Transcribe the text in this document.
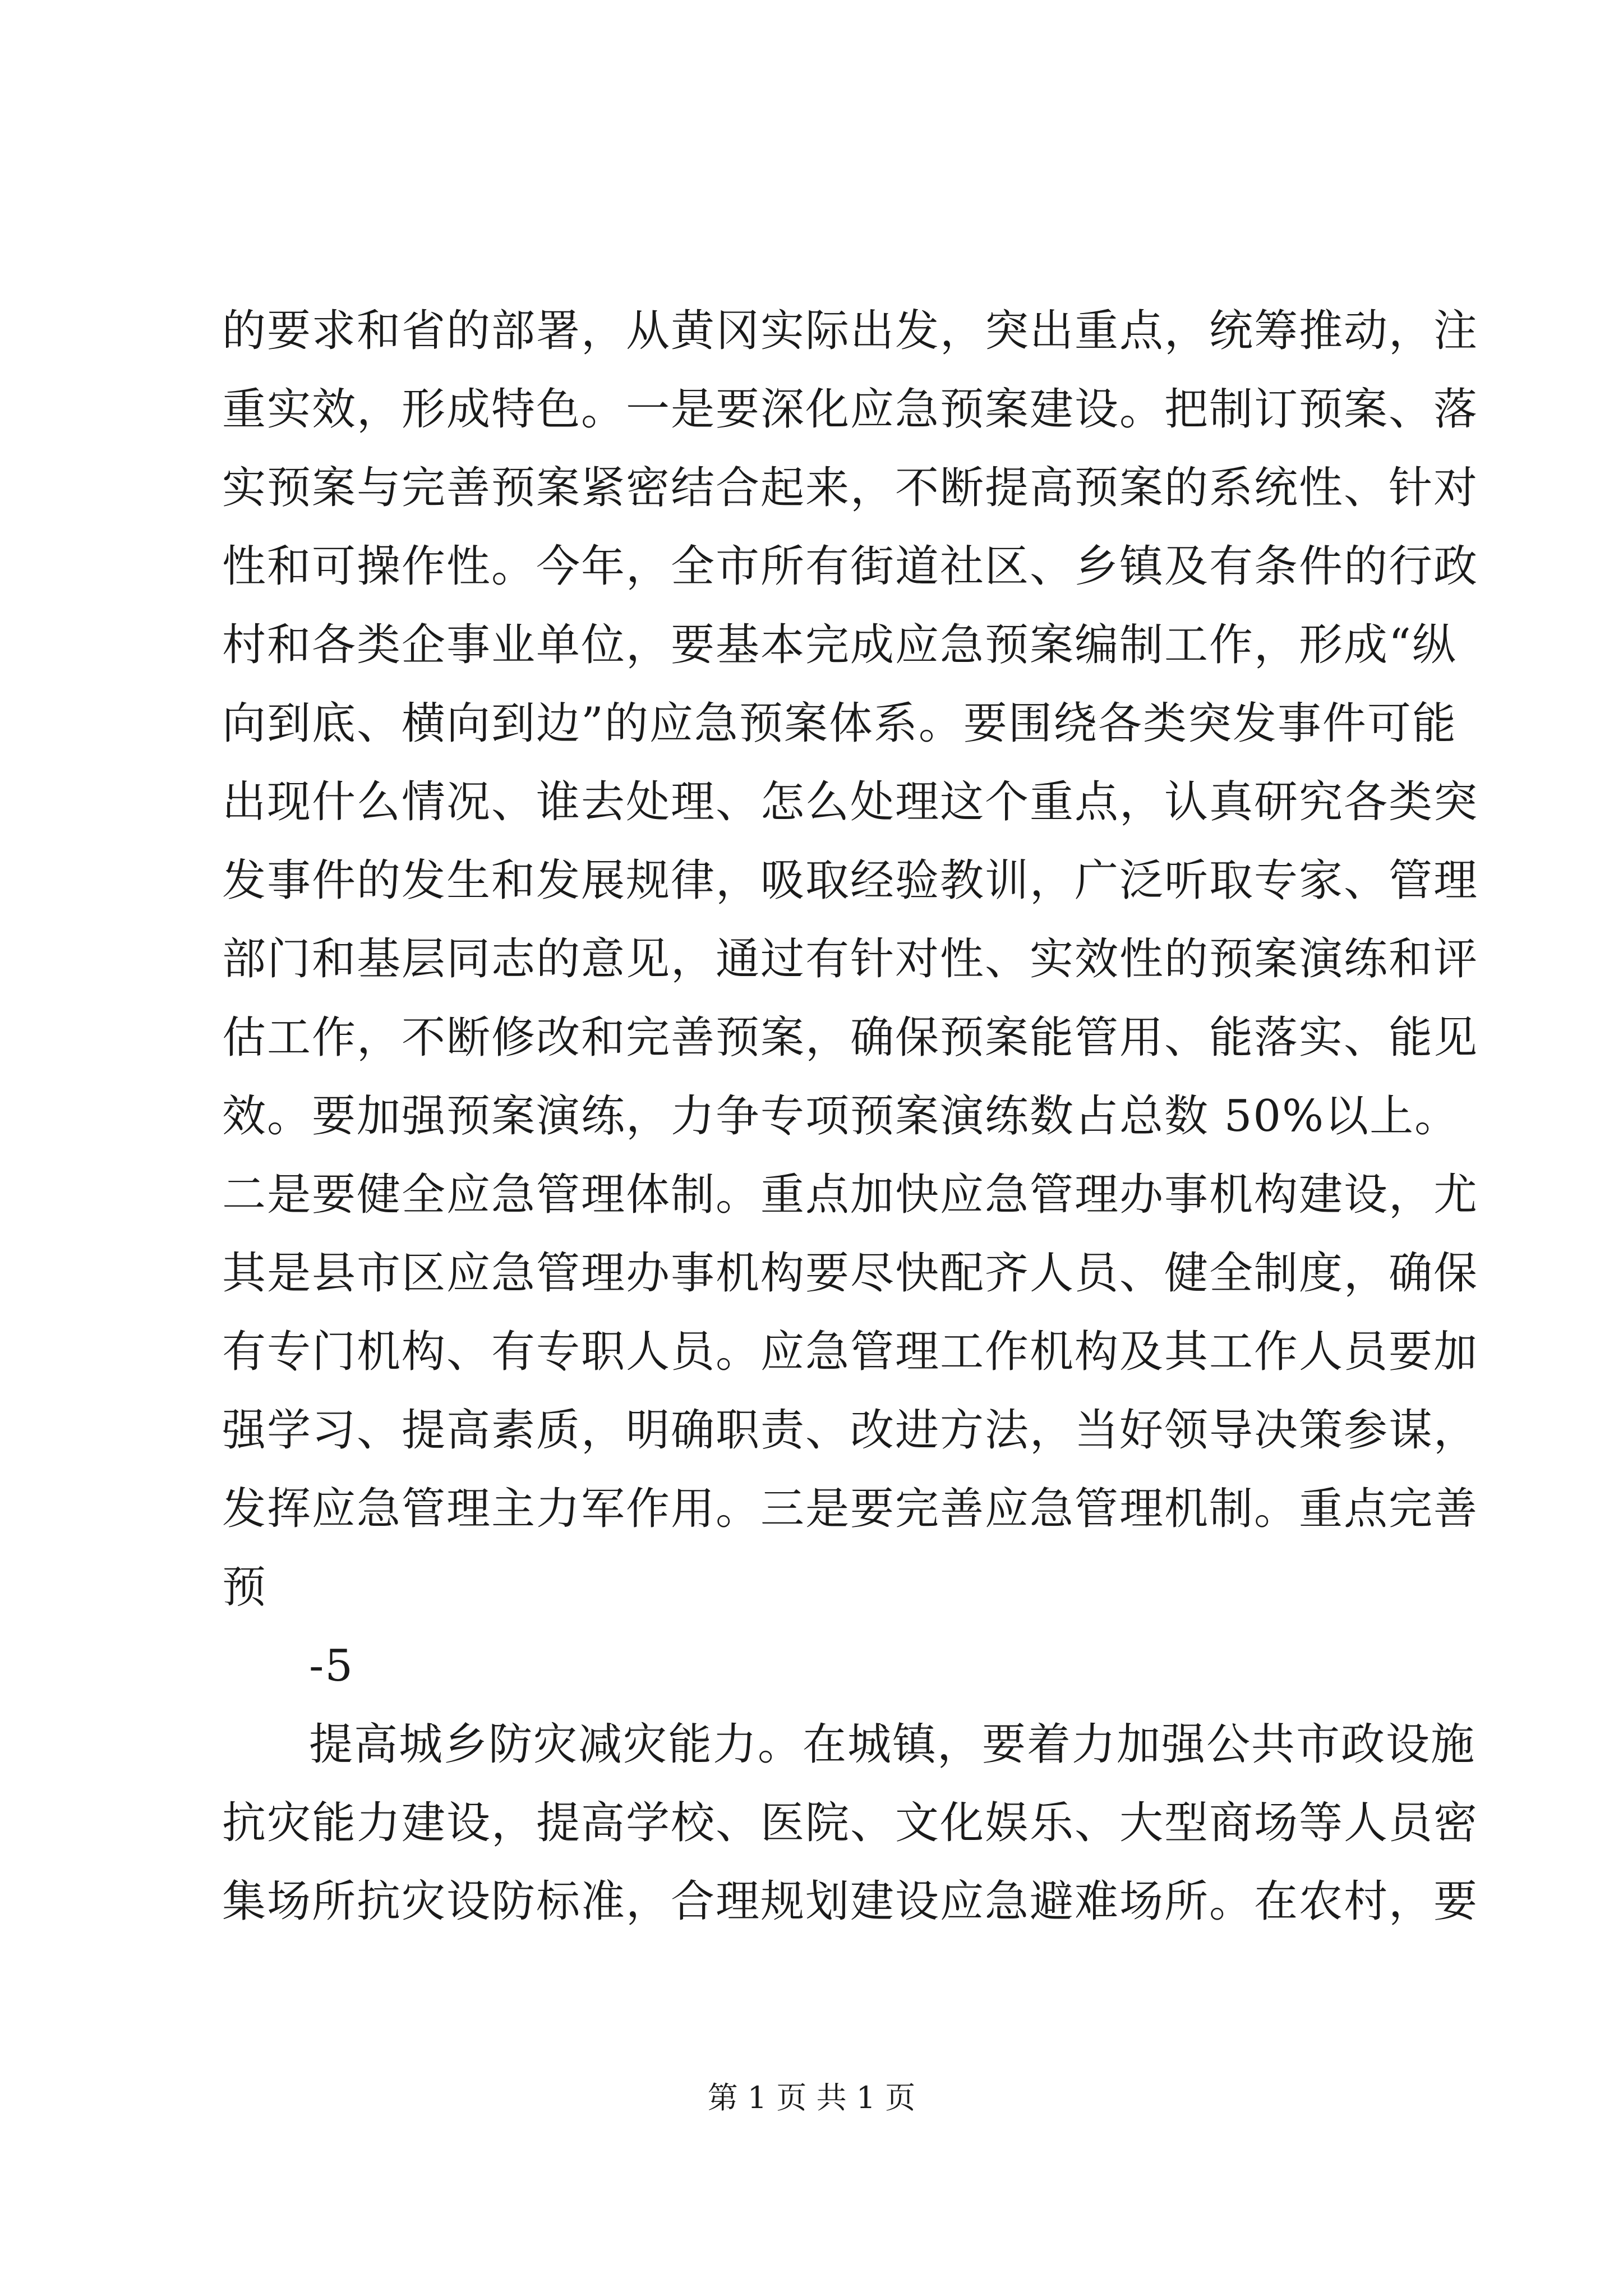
的要求和省的部署，从黄冈实际出发，突出重点，统筹推动，注
重实效，形成特色。一是要深化应急预案建设。把制订预案、落
实预案与完善预案紧密结合起来，不断提高预案的系统性、针对
性和可操作性。今年，全市所有街道社区、乡镇及有条件的行政
村和各类企事业单位，要基本完成应急预案编制工作，形成“纵
向到底、横向到边”的应急预案体系。要围绕各类突发事件可能
出现什么情况、谁去处理、怎么处理这个重点，认真研究各类突
发事件的发生和发展规律，吸取经验教训，广泛听取专家、管理
部门和基层同志的意见，通过有针对性、实效性的预案演练和评
估工作，不断修改和完善预案，确保预案能管用、能落实、能见
效。要加强预案演练，力争专项预案演练数占总数 50%以上。
二是要健全应急管理体制。重点加快应急管理办事机构建设，尤
其是县市区应急管理办事机构要尽快配齐人员、健全制度，确保
有专门机构、有专职人员。应急管理工作机构及其工作人员要加
强学习、提高素质，明确职责、改进方法，当好领导决策参谋，
发挥应急管理主力军作用。三是要完善应急管理机制。重点完善
预
-5
提高城乡防灾减灾能力。在城镇，要着力加强公共市政设施
抗灾能力建设，提高学校、医院、文化娱乐、大型商场等人员密
集场所抗灾设防标准，合理规划建设应急避难场所。在农村，要
第 1 页 共 1 页
